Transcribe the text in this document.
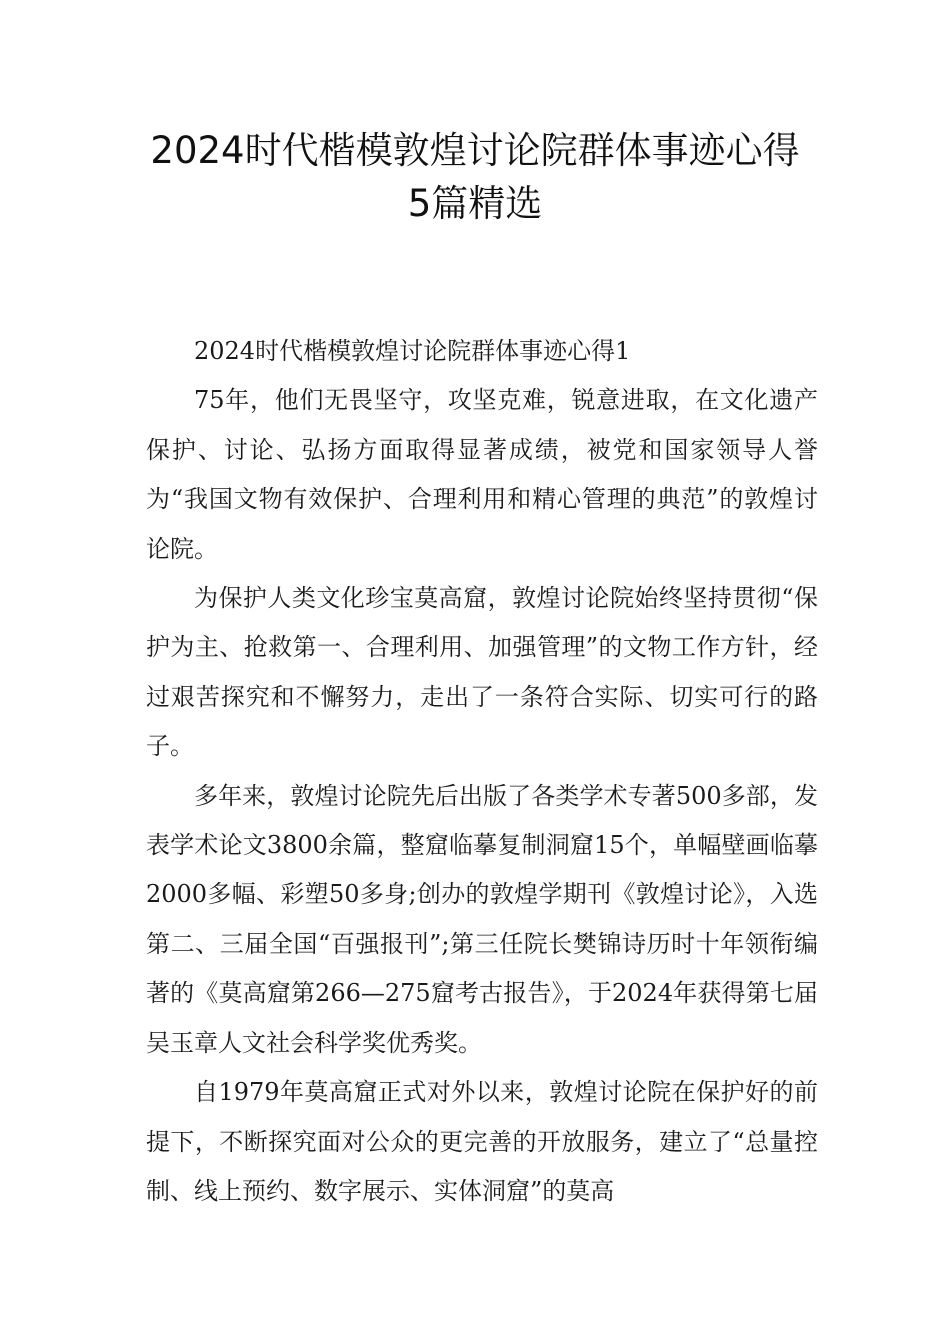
2024时代楷模敦煌讨论院群体事迹心得
5篇精选

2024时代楷模敦煌讨论院群体事迹心得1

75年，他们无畏坚守，攻坚克难，锐意进取，在文化遗产保护、讨论、弘扬方面取得显著成绩，被党和国家领导人誉为“我国文物有效保护、合理利用和精心管理的典范”的敦煌讨论院。

为保护人类文化珍宝莫高窟，敦煌讨论院始终坚持贯彻“保护为主、抢救第一、合理利用、加强管理”的文物工作方针，经过艰苦探究和不懈努力，走出了一条符合实际、切实可行的路子。

多年来，敦煌讨论院先后出版了各类学术专著500多部，发表学术论文3800余篇，整窟临摹复制洞窟15个，单幅壁画临摹2000多幅、彩塑50多身;创办的敦煌学期刊《敦煌讨论》，入选第二、三届全国“百强报刊”;第三任院长樊锦诗历时十年领衔编著的《莫高窟第266—275窟考古报告》，于2024年获得第七届吴玉章人文社会科学奖优秀奖。

自1979年莫高窟正式对外以来，敦煌讨论院在保护好的前提下，不断探究面对公众的更完善的开放服务，建立了“总量控制、线上预约、数字展示、实体洞窟”的莫高
